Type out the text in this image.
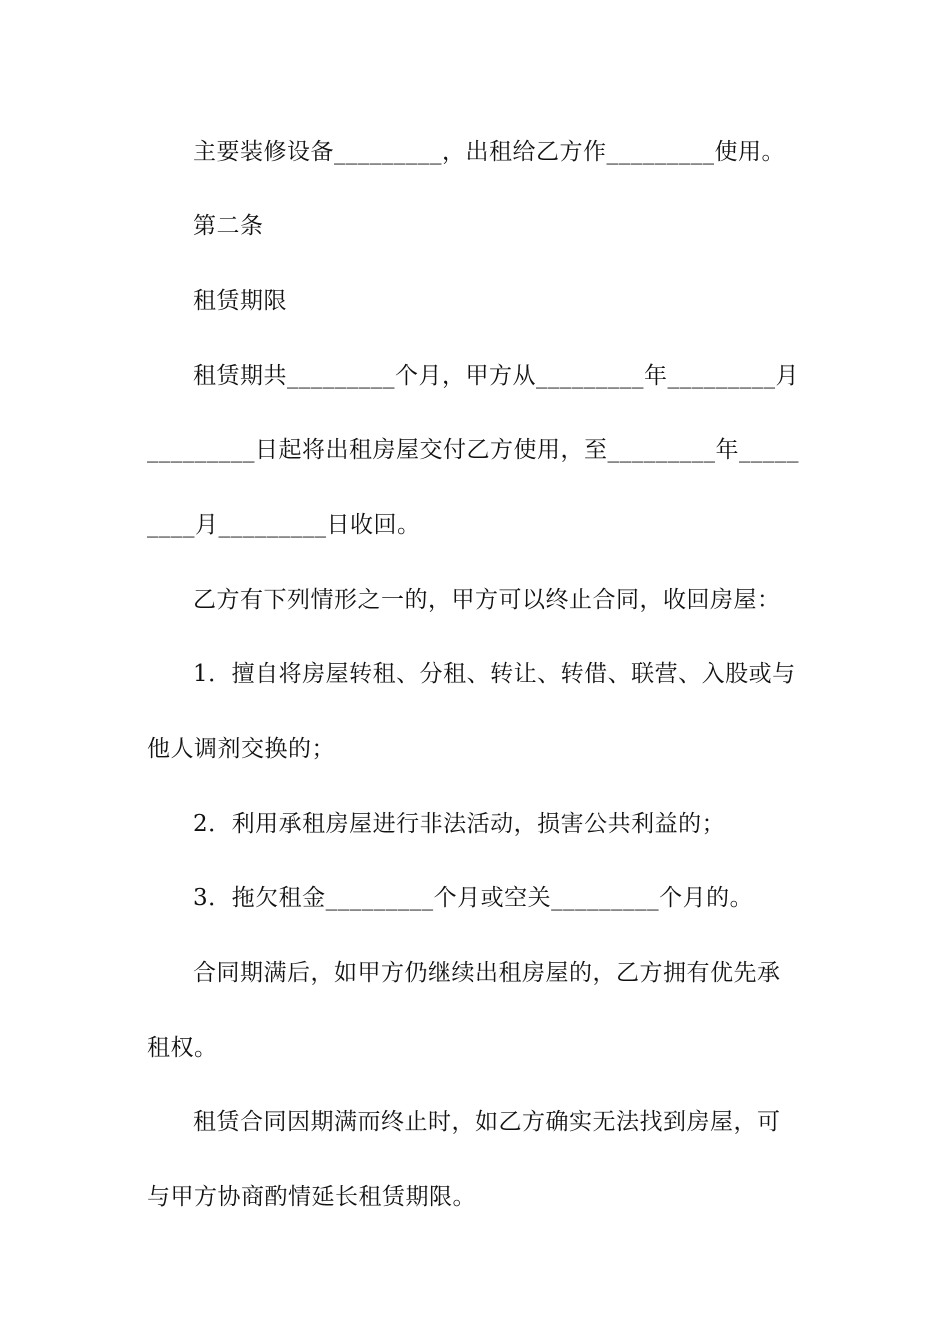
主要装修设备_________，出租给乙方作_________使用。
第二条
租赁期限
租赁期共_________个月，甲方从_________年_________月
_________日起将出租房屋交付乙方使用，至_________年_____
____月_________日收回。
乙方有下列情形之一的，甲方可以终止合同，收回房屋：
1．擅自将房屋转租、分租、转让、转借、联营、入股或与
他人调剂交换的；
2．利用承租房屋进行非法活动，损害公共利益的；
3．拖欠租金_________个月或空关_________个月的。
合同期满后，如甲方仍继续出租房屋的，乙方拥有优先承
租权。
租赁合同因期满而终止时，如乙方确实无法找到房屋，可
与甲方协商酌情延长租赁期限。
